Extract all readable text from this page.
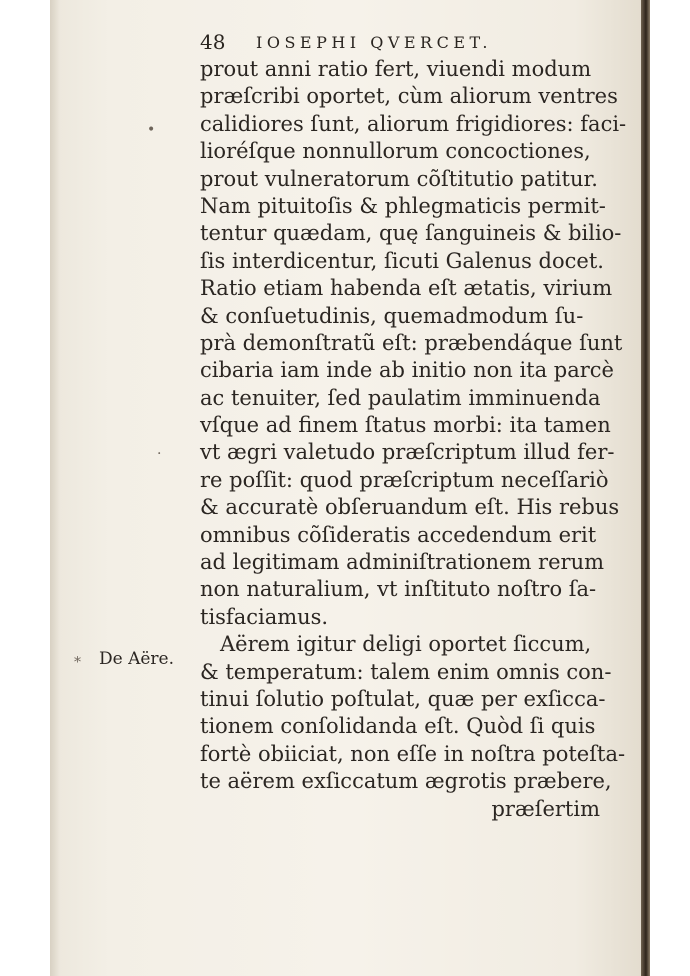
48 IOSEPHI QVERCET.
prout anni ratio fert, viuendi modum
præſcribi oportet, cùm aliorum ventres
calidiores ſunt, aliorum frigidiores: faci-
lioréſque nonnullorum concoctiones,
prout vulneratorum cõſtitutio patitur.
Nam pituitoſis & phlegmaticis permit-
tentur quædam, quę ſanguineis & bilio-
ſis interdicentur, ſicuti Galenus docet.
Ratio etiam habenda eſt ætatis, virium
& conſuetudinis, quemadmodum ſu-
prà demonſtratũ eſt: præbendáque ſunt
cibaria iam inde ab initio non ita parcè
ac tenuiter, ſed paulatim imminuenda
vſque ad finem ſtatus morbi: ita tamen
vt ægri valetudo præſcriptum illud fer-
re poſſit: quod præſcriptum neceſſariò
& accuratè obſeruandum eſt. His rebus
omnibus cõſideratis accedendum erit
ad legitimam adminiſtrationem rerum
non naturalium, vt inſtituto noſtro ſa-
tisfaciamus.
Aërem igitur deligi oportet ſiccum,
& temperatum: talem enim omnis con-
tinui ſolutio poſtulat, quæ per exſicca-
tionem conſolidanda eſt. Quòd ſi quis
fortè obiiciat, non eſſe in noſtra poteſta-
te aërem exſiccatum ægrotis præbere,
præſertim
De Aëre.
•
⁎
·
